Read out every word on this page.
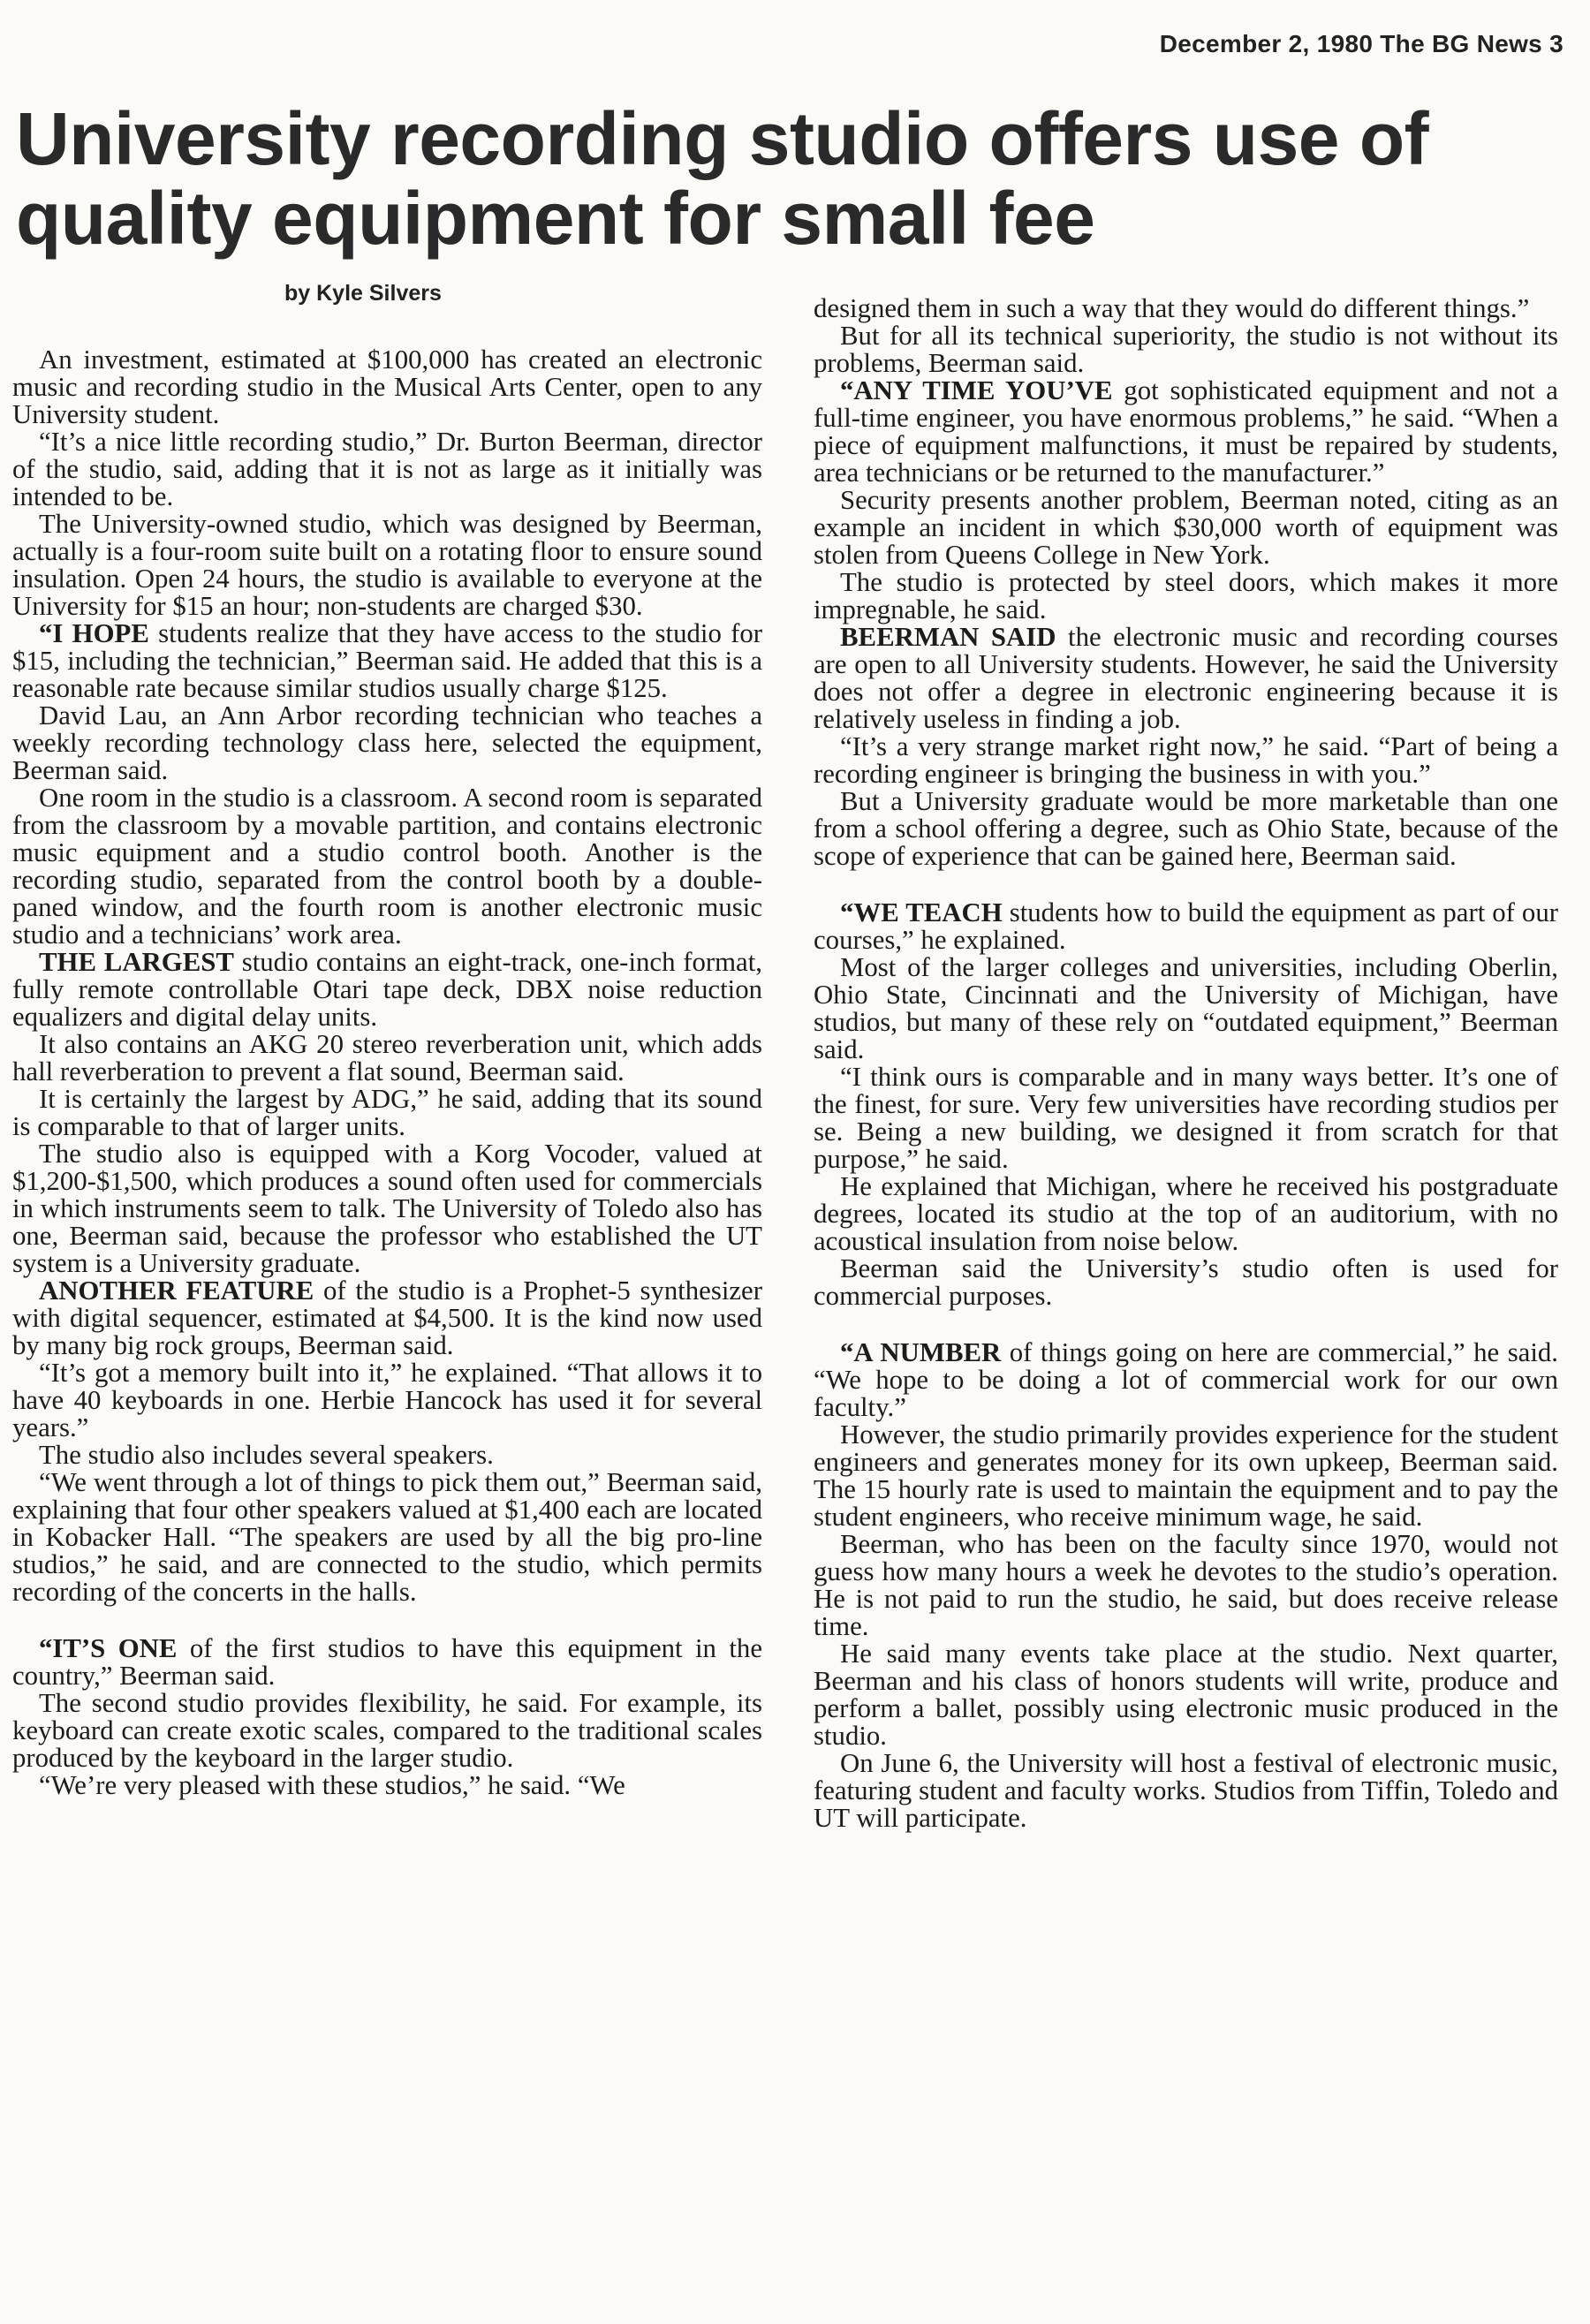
December 2, 1980 The BG News 3
University recording studio offers use of quality equipment for small fee
by Kyle Silvers

An investment, estimated at $100,000 has created an electronic music and recording studio in the Musical Arts Center, open to any University student.

“It’s a nice little recording studio,” Dr. Burton Beerman, director of the studio, said, adding that it is not as large as it initially was intended to be.

The University-owned studio, which was designed by Beerman, actually is a four-room suite built on a rotating floor to ensure sound insulation. Open 24 hours, the studio is available to everyone at the University for $15 an hour; non-students are charged $30.

“I HOPE students realize that they have access to the studio for $15, including the technician,” Beerman said. He added that this is a reasonable rate because similar studios usually charge $125.

David Lau, an Ann Arbor recording technician who teaches a weekly recording technology class here, selected the equipment, Beerman said.

One room in the studio is a classroom. A second room is separated from the classroom by a movable partition, and contains electronic music equipment and a studio control booth. Another is the recording studio, separated from the control booth by a double-paned window, and the fourth room is another electronic music studio and a technicians’ work area.

THE LARGEST studio contains an eight-track, one-inch format, fully remote controllable Otari tape deck, DBX noise reduction equalizers and digital delay units.

It also contains an AKG 20 stereo reverberation unit, which adds hall reverberation to prevent a flat sound, Beerman said.

It is certainly the largest by ADG,” he said, adding that its sound is comparable to that of larger units.

The studio also is equipped with a Korg Vocoder, valued at $1,200-$1,500, which produces a sound often used for commercials in which instruments seem to talk. The University of Toledo also has one, Beerman said, because the professor who established the UT system is a University graduate.

ANOTHER FEATURE of the studio is a Prophet-5 synthesizer with digital sequencer, estimated at $4,500. It is the kind now used by many big rock groups, Beerman said.

“It’s got a memory built into it,” he explained. “That allows it to have 40 keyboards in one. Herbie Hancock has used it for several years.”

The studio also includes several speakers.

“We went through a lot of things to pick them out,” Beerman said, explaining that four other speakers valued at $1,400 each are located in Kobacker Hall. “The speakers are used by all the big pro-line studios,” he said, and are connected to the studio, which permits recording of the concerts in the halls.

“IT’S ONE of the first studios to have this equipment in the country,” Beerman said.

The second studio provides flexibility, he said. For example, its keyboard can create exotic scales, compared to the traditional scales produced by the keyboard in the larger studio.

“We’re very pleased with these studios,” he said. “We

designed them in such a way that they would do different things.”

But for all its technical superiority, the studio is not without its problems, Beerman said.

“ANY TIME YOU’VE got sophisticated equipment and not a full-time engineer, you have enormous problems,” he said. “When a piece of equipment malfunctions, it must be repaired by students, area technicians or be returned to the manufacturer.”

Security presents another problem, Beerman noted, citing as an example an incident in which $30,000 worth of equipment was stolen from Queens College in New York.

The studio is protected by steel doors, which makes it more impregnable, he said.

BEERMAN SAID the electronic music and recording courses are open to all University students. However, he said the University does not offer a degree in electronic engineering because it is relatively useless in finding a job.

“It’s a very strange market right now,” he said. “Part of being a recording engineer is bringing the business in with you.”

But a University graduate would be more marketable than one from a school offering a degree, such as Ohio State, because of the scope of experience that can be gained here, Beerman said.

“WE TEACH students how to build the equipment as part of our courses,” he explained.

Most of the larger colleges and universities, including Oberlin, Ohio State, Cincinnati and the University of Michigan, have studios, but many of these rely on “outdated equipment,” Beerman said.

“I think ours is comparable and in many ways better. It’s one of the finest, for sure. Very few universities have recording studios per se. Being a new building, we designed it from scratch for that purpose,” he said.

He explained that Michigan, where he received his postgraduate degrees, located its studio at the top of an auditorium, with no acoustical insulation from noise below.

Beerman said the University’s studio often is used for commercial purposes.

“A NUMBER of things going on here are commercial,” he said. “We hope to be doing a lot of commercial work for our own faculty.”

However, the studio primarily provides experience for the student engineers and generates money for its own upkeep, Beerman said. The 15 hourly rate is used to maintain the equipment and to pay the student engineers, who receive minimum wage, he said.

Beerman, who has been on the faculty since 1970, would not guess how many hours a week he devotes to the studio’s operation. He is not paid to run the studio, he said, but does receive release time.

He said many events take place at the studio. Next quarter, Beerman and his class of honors students will write, produce and perform a ballet, possibly using electronic music produced in the studio.

On June 6, the University will host a festival of electronic music, featuring student and faculty works. Studios from Tiffin, Toledo and UT will participate.
